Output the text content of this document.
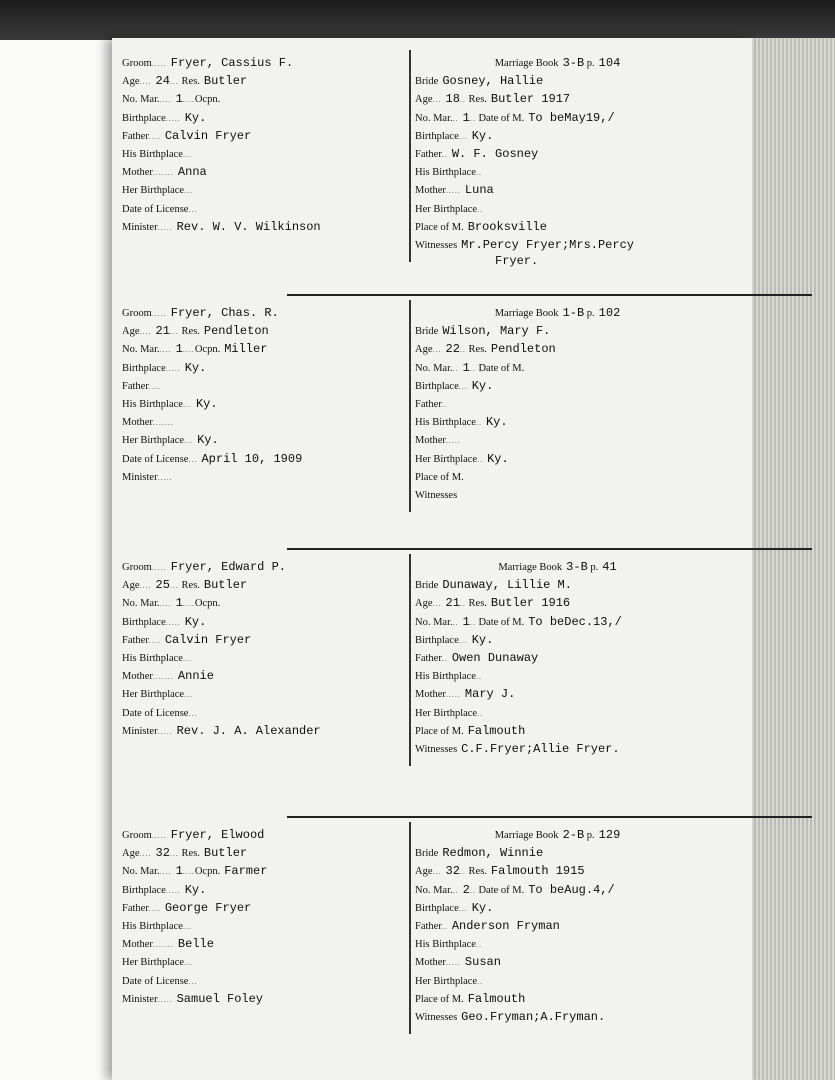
Groom..... Fryer, Cassius F.
Age.... 24... Res. Butler
No. Mar..... 1....Ocpn.
Birthplace..... Ky.
Father.... Calvin Fryer
His Birthplace...
Mother....... Anna
Her Birthplace...
Date of License...
Minister..... Rev. W. V. Wilkinson
Marriage Book 3-B p. 104
Bride Gosney, Hallie
Age... 18.. Res. Butler 1917
No. Mar... 1.. Date of M. To beMay19,/
Birthplace... Ky.
Father.. W. F. Gosney
His Birthplace..
Mother..... Luna
Her Birthplace..
Place of M. Brooksville
Witnesses Mr.Percy Fryer;Mrs.Percy
Fryer.
Groom..... Fryer, Chas. R.
Age.... 21... Res. Pendleton
No. Mar..... 1....Ocpn. Miller
Birthplace..... Ky.
Father....
His Birthplace... Ky.
Mother.......
Her Birthplace... Ky.
Date of License... April 10, 1909
Minister.....
Marriage Book 1-B p. 102
Bride Wilson, Mary F.
Age... 22.. Res. Pendleton
No. Mar... 1.. Date of M.
Birthplace... Ky.
Father..
His Birthplace.. Ky.
Mother.....
Her Birthplace.. Ky.
Place of M.
Witnesses
Groom..... Fryer, Edward P.
Age.... 25... Res. Butler
No. Mar..... 1....Ocpn.
Birthplace..... Ky.
Father.... Calvin Fryer
His Birthplace...
Mother....... Annie
Her Birthplace...
Date of License...
Minister..... Rev. J. A. Alexander
Marriage Book 3-B p. 41
Bride Dunaway, Lillie M.
Age... 21.. Res. Butler 1916
No. Mar... 1.. Date of M. To beDec.13,/
Birthplace... Ky.
Father.. Owen Dunaway
His Birthplace..
Mother..... Mary J.
Her Birthplace..
Place of M. Falmouth
Witnesses C.F.Fryer;Allie Fryer.
Groom..... Fryer, Elwood
Age.... 32... Res. Butler
No. Mar..... 1....Ocpn. Farmer
Birthplace..... Ky.
Father.... George Fryer
His Birthplace...
Mother....... Belle
Her Birthplace...
Date of License...
Minister..... Samuel Foley
Marriage Book 2-B p. 129
Bride Redmon, Winnie
Age... 32.. Res. Falmouth 1915
No. Mar... 2.. Date of M. To beAug.4,/
Birthplace... Ky.
Father.. Anderson Fryman
His Birthplace..
Mother..... Susan
Her Birthplace..
Place of M. Falmouth
Witnesses Geo.Fryman;A.Fryman.
